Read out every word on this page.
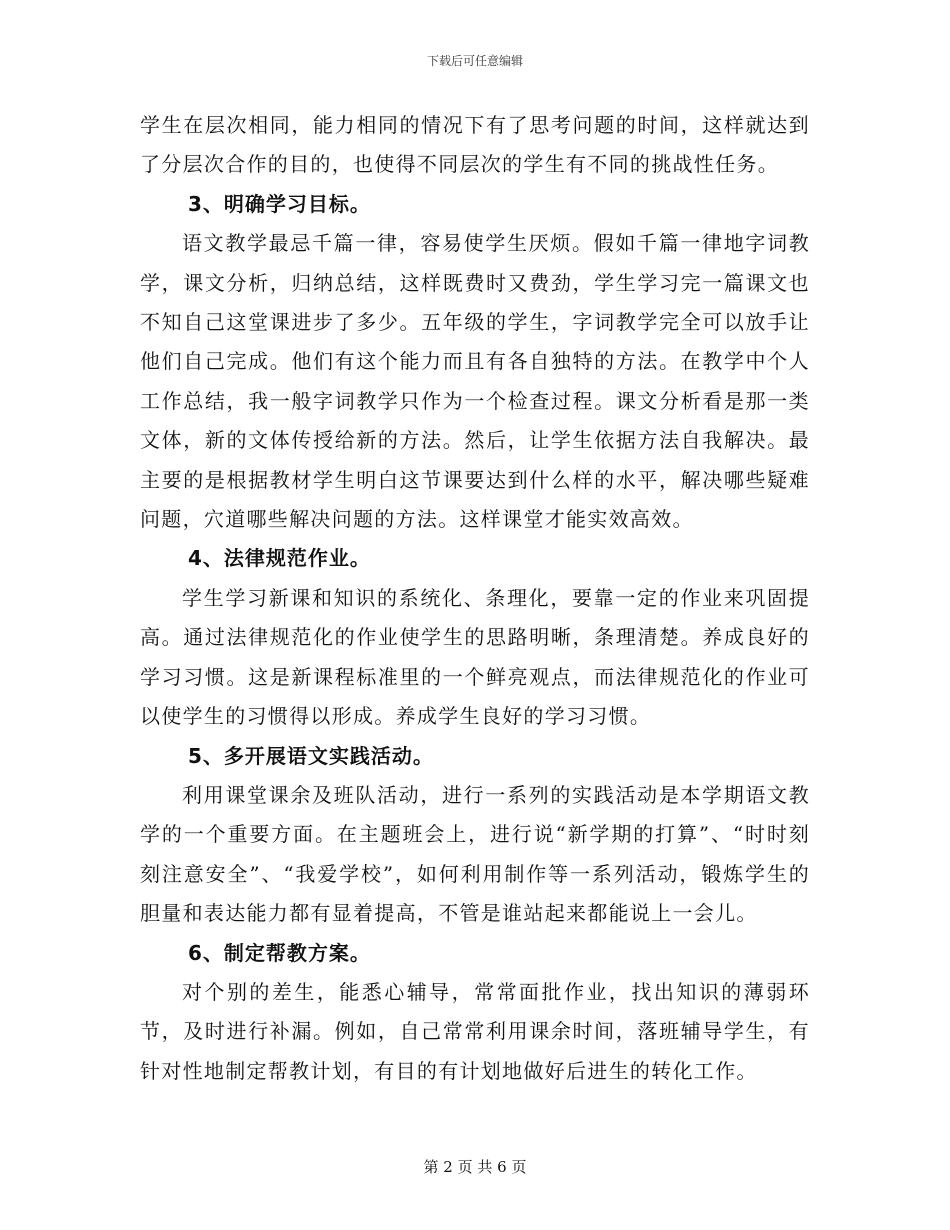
下载后可任意编辑

学生在层次相同，能力相同的情况下有了思考问题的时间，这样就达到了分层次合作的目的，也使得不同层次的学生有不同的挑战性任务。

3、明确学习目标。

语文教学最忌千篇一律，容易使学生厌烦。假如千篇一律地字词教学，课文分析，归纳总结，这样既费时又费劲，学生学习完一篇课文也不知自己这堂课进步了多少。五年级的学生，字词教学完全可以放手让他们自己完成。他们有这个能力而且有各自独特的方法。在教学中个人工作总结，我一般字词教学只作为一个检查过程。课文分析看是那一类文体，新的文体传授给新的方法。然后，让学生依据方法自我解决。最主要的是根据教材学生明白这节课要达到什么样的水平，解决哪些疑难问题，穴道哪些解决问题的方法。这样课堂才能实效高效。

4、法律规范作业。

学生学习新课和知识的系统化、条理化，要靠一定的作业来巩固提高。通过法律规范化的作业使学生的思路明晰，条理清楚。养成良好的学习习惯。这是新课程标准里的一个鲜亮观点，而法律规范化的作业可以使学生的习惯得以形成。养成学生良好的学习习惯。

5、多开展语文实践活动。

利用课堂课余及班队活动，进行一系列的实践活动是本学期语文教学的一个重要方面。在主题班会上，进行说“新学期的打算”、“时时刻刻注意安全”、“我爱学校”，如何利用制作等一系列活动，锻炼学生的胆量和表达能力都有显着提高，不管是谁站起来都能说上一会儿。

6、制定帮教方案。

对个别的差生，能悉心辅导，常常面批作业，找出知识的薄弱环节，及时进行补漏。例如，自己常常利用课余时间，落班辅导学生，有针对性地制定帮教计划，有目的有计划地做好后进生的转化工作。

第 2 页 共 6 页
